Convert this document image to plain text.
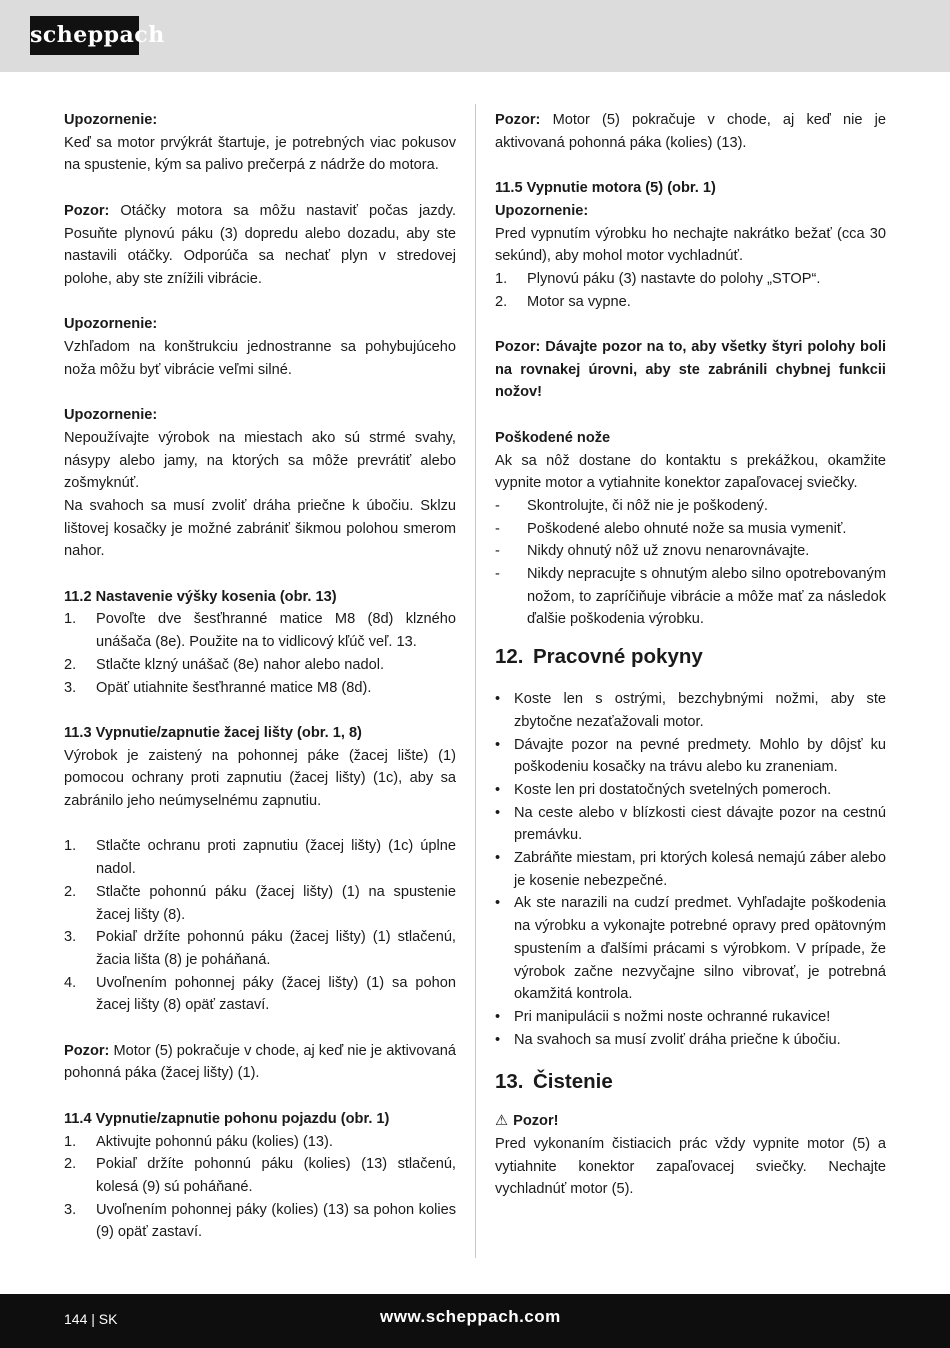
scheppach

Upozornenie:

Keď sa motor prvýkrát štartuje, je potrebných viac pokusov na spustenie, kým sa palivo prečerpá z nádrže do motora.

Pozor: Otáčky motora sa môžu nastaviť počas jazdy. Posuňte plynovú páku (3) dopredu alebo dozadu, aby ste nastavili otáčky. Odporúča sa nechať plyn v stredovej polohe, aby ste znížili vibrácie.

Upozornenie:

Vzhľadom na konštrukciu jednostranne sa pohybujúceho noža môžu byť vibrácie veľmi silné.

Upozornenie:

Nepoužívajte výrobok na miestach ako sú strmé svahy, násypy alebo jamy, na ktorých sa môže prevrátiť alebo zošmyknúť.

Na svahoch sa musí zvoliť dráha priečne k úbočiu. Sklzu lištovej kosačky je možné zabrániť šikmou polohou smerom nahor.

11.2 Nastavenie výšky kosenia (obr. 13)

1.	Povoľte dve šesťhranné matice M8 (8d) klzného unášača (8e). Použite na to vidlicový kľúč veľ. 13.
2.	Stlačte klzný unášač (8e) nahor alebo nadol.
3.	Opäť utiahnite šesťhranné matice M8 (8d).

11.3 Vypnutie/zapnutie žacej lišty (obr. 1, 8)

Výrobok je zaistený na pohonnej páke (žacej lište) (1) pomocou ochrany proti zapnutiu (žacej lišty) (1c), aby sa zabránilo jeho neúmyselnému zapnutiu.

1.	Stlačte ochranu proti zapnutiu (žacej lišty) (1c) úplne nadol.
2.	Stlačte pohonnú páku (žacej lišty) (1) na spustenie žacej lišty (8).
3.	Pokiaľ držíte pohonnú páku (žacej lišty) (1) stlačenú, žacia lišta (8) je poháňaná.
4.	Uvoľnením pohonnej páky (žacej lišty) (1) sa pohon žacej lišty (8) opäť zastaví.

Pozor: Motor (5) pokračuje v chode, aj keď nie je aktivovaná pohonná páka (žacej lišty) (1).

11.4 Vypnutie/zapnutie pohonu pojazdu (obr. 1)

1.	Aktivujte pohonnú páku (kolies) (13).
2.	Pokiaľ držíte pohonnú páku (kolies) (13) stlačenú, kolesá (9) sú poháňané.
3.	Uvoľnením pohonnej páky (kolies) (13) sa pohon kolies (9) opäť zastaví.

Pozor: Motor (5) pokračuje v chode, aj keď nie je aktivovaná pohonná páka (kolies) (13).

11.5 Vypnutie motora (5) (obr. 1)

Upozornenie:

Pred vypnutím výrobku ho nechajte nakrátko bežať (cca 30 sekúnd), aby mohol motor vychladnúť.

1.	Plynovú páku (3) nastavte do polohy „STOP“.
2.	Motor sa vypne.

Pozor: Dávajte pozor na to, aby všetky štyri polohy boli na rovnakej úrovni, aby ste zabránili chybnej funkcii nožov!

Poškodené nože

Ak sa nôž dostane do kontaktu s prekážkou, okamžite vypnite motor a vytiahnite konektor zapaľovacej sviečky.

-	Skontrolujte, či nôž nie je poškodený.
-	Poškodené alebo ohnuté nože sa musia vymeniť.
-	Nikdy ohnutý nôž už znovu nenarovnávajte.
-	Nikdy nepracujte s ohnutým alebo silno opotrebovaným nožom, to zapríčiňuje vibrácie a môže mať za následok ďalšie poškodenia výrobku.
12. Pracovné pokyny
• Koste len s ostrými, bezchybnými nožmi, aby ste zbytočne nezaťažovali motor.
• Dávajte pozor na pevné predmety. Mohlo by dôjsť ku poškodeniu kosačky na trávu alebo ku zraneniam.
• Koste len pri dostatočných svetelných pomeroch.
• Na ceste alebo v blízkosti ciest dávajte pozor na cestnú premávku.
• Zabráňte miestam, pri ktorých kolesá nemajú záber alebo je kosenie nebezpečné.
• Ak ste narazili na cudzí predmet. Vyhľadajte poškodenia na výrobku a vykonajte potrebné opravy pred opätovným spustením a ďalšími prácami s výrobkom. V prípade, že výrobok začne nezvyčajne silno vibrovať, je potrebná okamžitá kontrola.
• Pri manipulácii s nožmi noste ochranné rukavice!
• Na svahoch sa musí zvoliť dráha priečne k úbočiu.
13. Čistenie

⚠ Pozor!

Pred vykonaním čistiacich prác vždy vypnite motor (5) a vytiahnite konektor zapaľovacej sviečky. Nechajte vychladnúť motor (5).

144 | SK	www.scheppach.com
